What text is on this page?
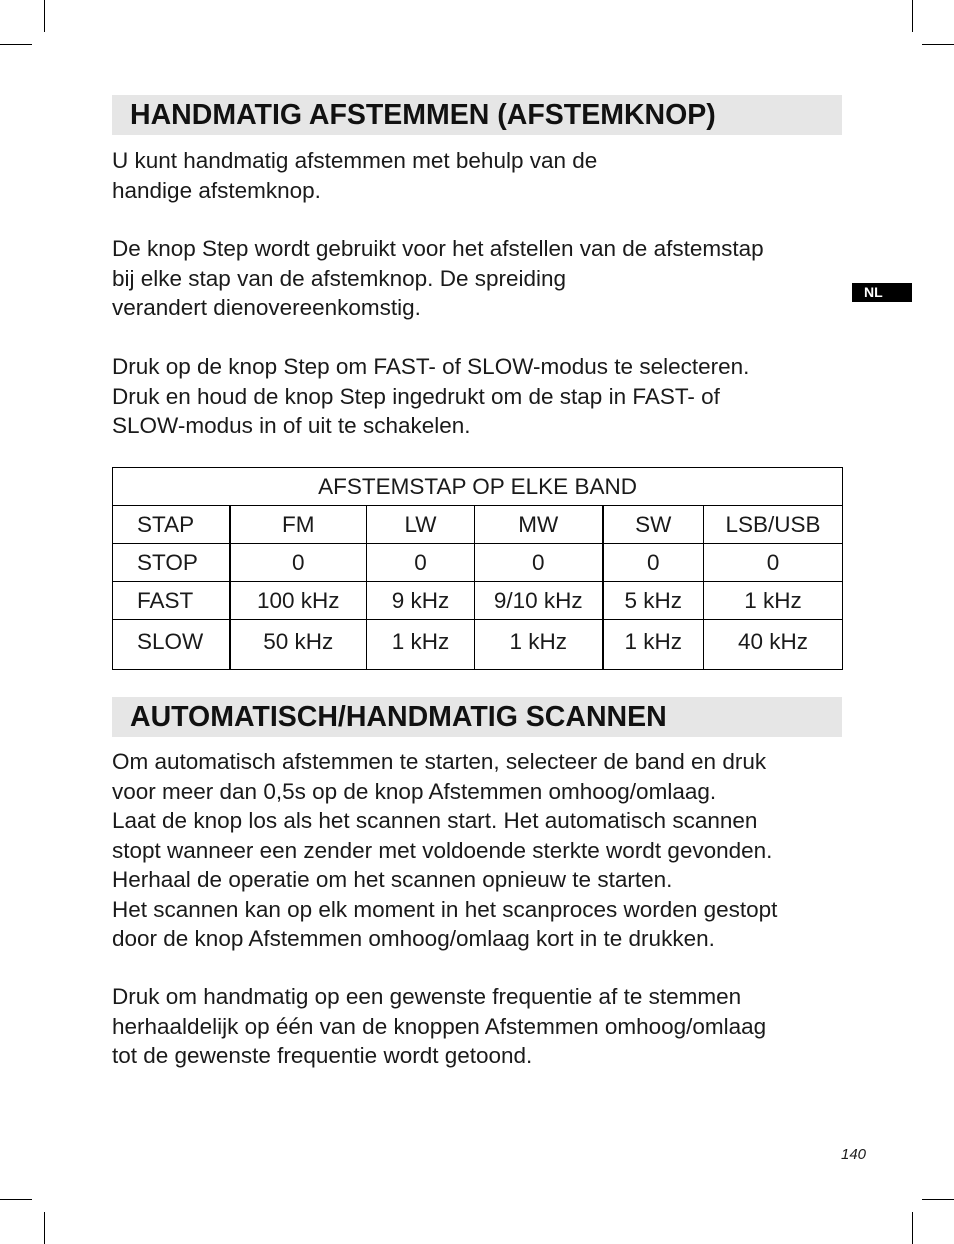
HANDMATIG AFSTEMMEN (AFSTEMKNOP)

U kunt handmatig afstemmen met behulp van de
handige afstemknop.

De knop Step wordt gebruikt voor het afstellen van de afstemstap
bij elke stap van de afstemknop. De spreiding
verandert dienovereenkomstig.

Druk op de knop Step om FAST- of SLOW-modus te selecteren.
Druk en houd de knop Step ingedrukt om de stap in FAST- of
SLOW-modus in of uit te schakelen.

NL
AFSTEMSTAP OP ELKE BAND					
STAP	FM	LW	MW	SW	LSB/USB
STOP	0	0	0	0	0
FAST	100 kHz	9 kHz	9/10 kHz	5 kHz	1 kHz
SLOW	50 kHz	1 kHz	1 kHz	1 kHz	40 kHz
AUTOMATISCH/HANDMATIG SCANNEN

Om automatisch afstemmen te starten, selecteer de band en druk
voor meer dan 0,5s op de knop Afstemmen omhoog/omlaag.
Laat de knop los als het scannen start. Het automatisch scannen
stopt wanneer een zender met voldoende sterkte wordt gevonden.
Herhaal de operatie om het scannen opnieuw te starten.
Het scannen kan op elk moment in het scanproces worden gestopt
door de knop Afstemmen omhoog/omlaag kort in te drukken.

Druk om handmatig op een gewenste frequentie af te stemmen
herhaaldelijk op één van de knoppen Afstemmen omhoog/omlaag
tot de gewenste frequentie wordt getoond.

140
